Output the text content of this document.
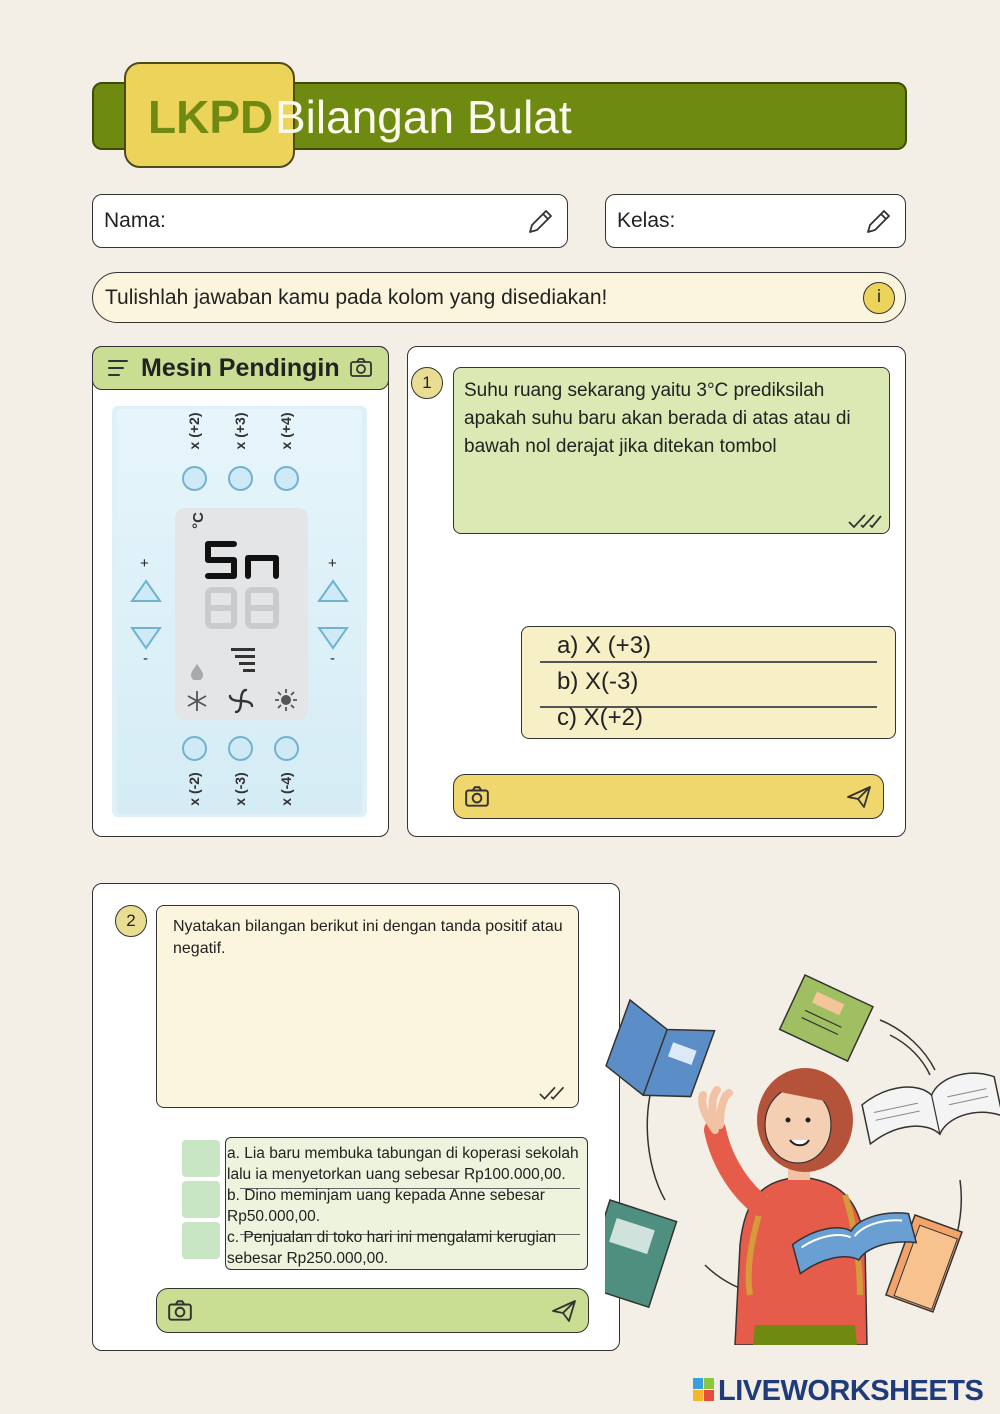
LKPD Bilangan Bulat
Nama:	Kelas:
Tulishlah jawaban kamu pada kolom yang disediakan!	i
Mesin Pendingin
x (+2) x (+3) x (+4)
°C
+	+
-	-
x (-2) x (-3) x (-4)
1	Suhu ruang sekarang yaitu 3°C prediksilah apakah suhu baru akan berada di atas atau di bawah nol derajat jika ditekan tombol
a) X (+3)
b) X(-3)
c) X(+2)
2	Nyatakan bilangan berikut ini dengan tanda positif atau negatif.
a. Lia baru membuka tabungan di koperasi sekolah lalu ia menyetorkan uang sebesar Rp100.000,00.
b. Dino meminjam uang kepada Anne sebesar Rp50.000,00.
c. Penjualan di toko hari ini mengalami kerugian sebesar Rp250.000,00.
LIVEWORKSHEETS
